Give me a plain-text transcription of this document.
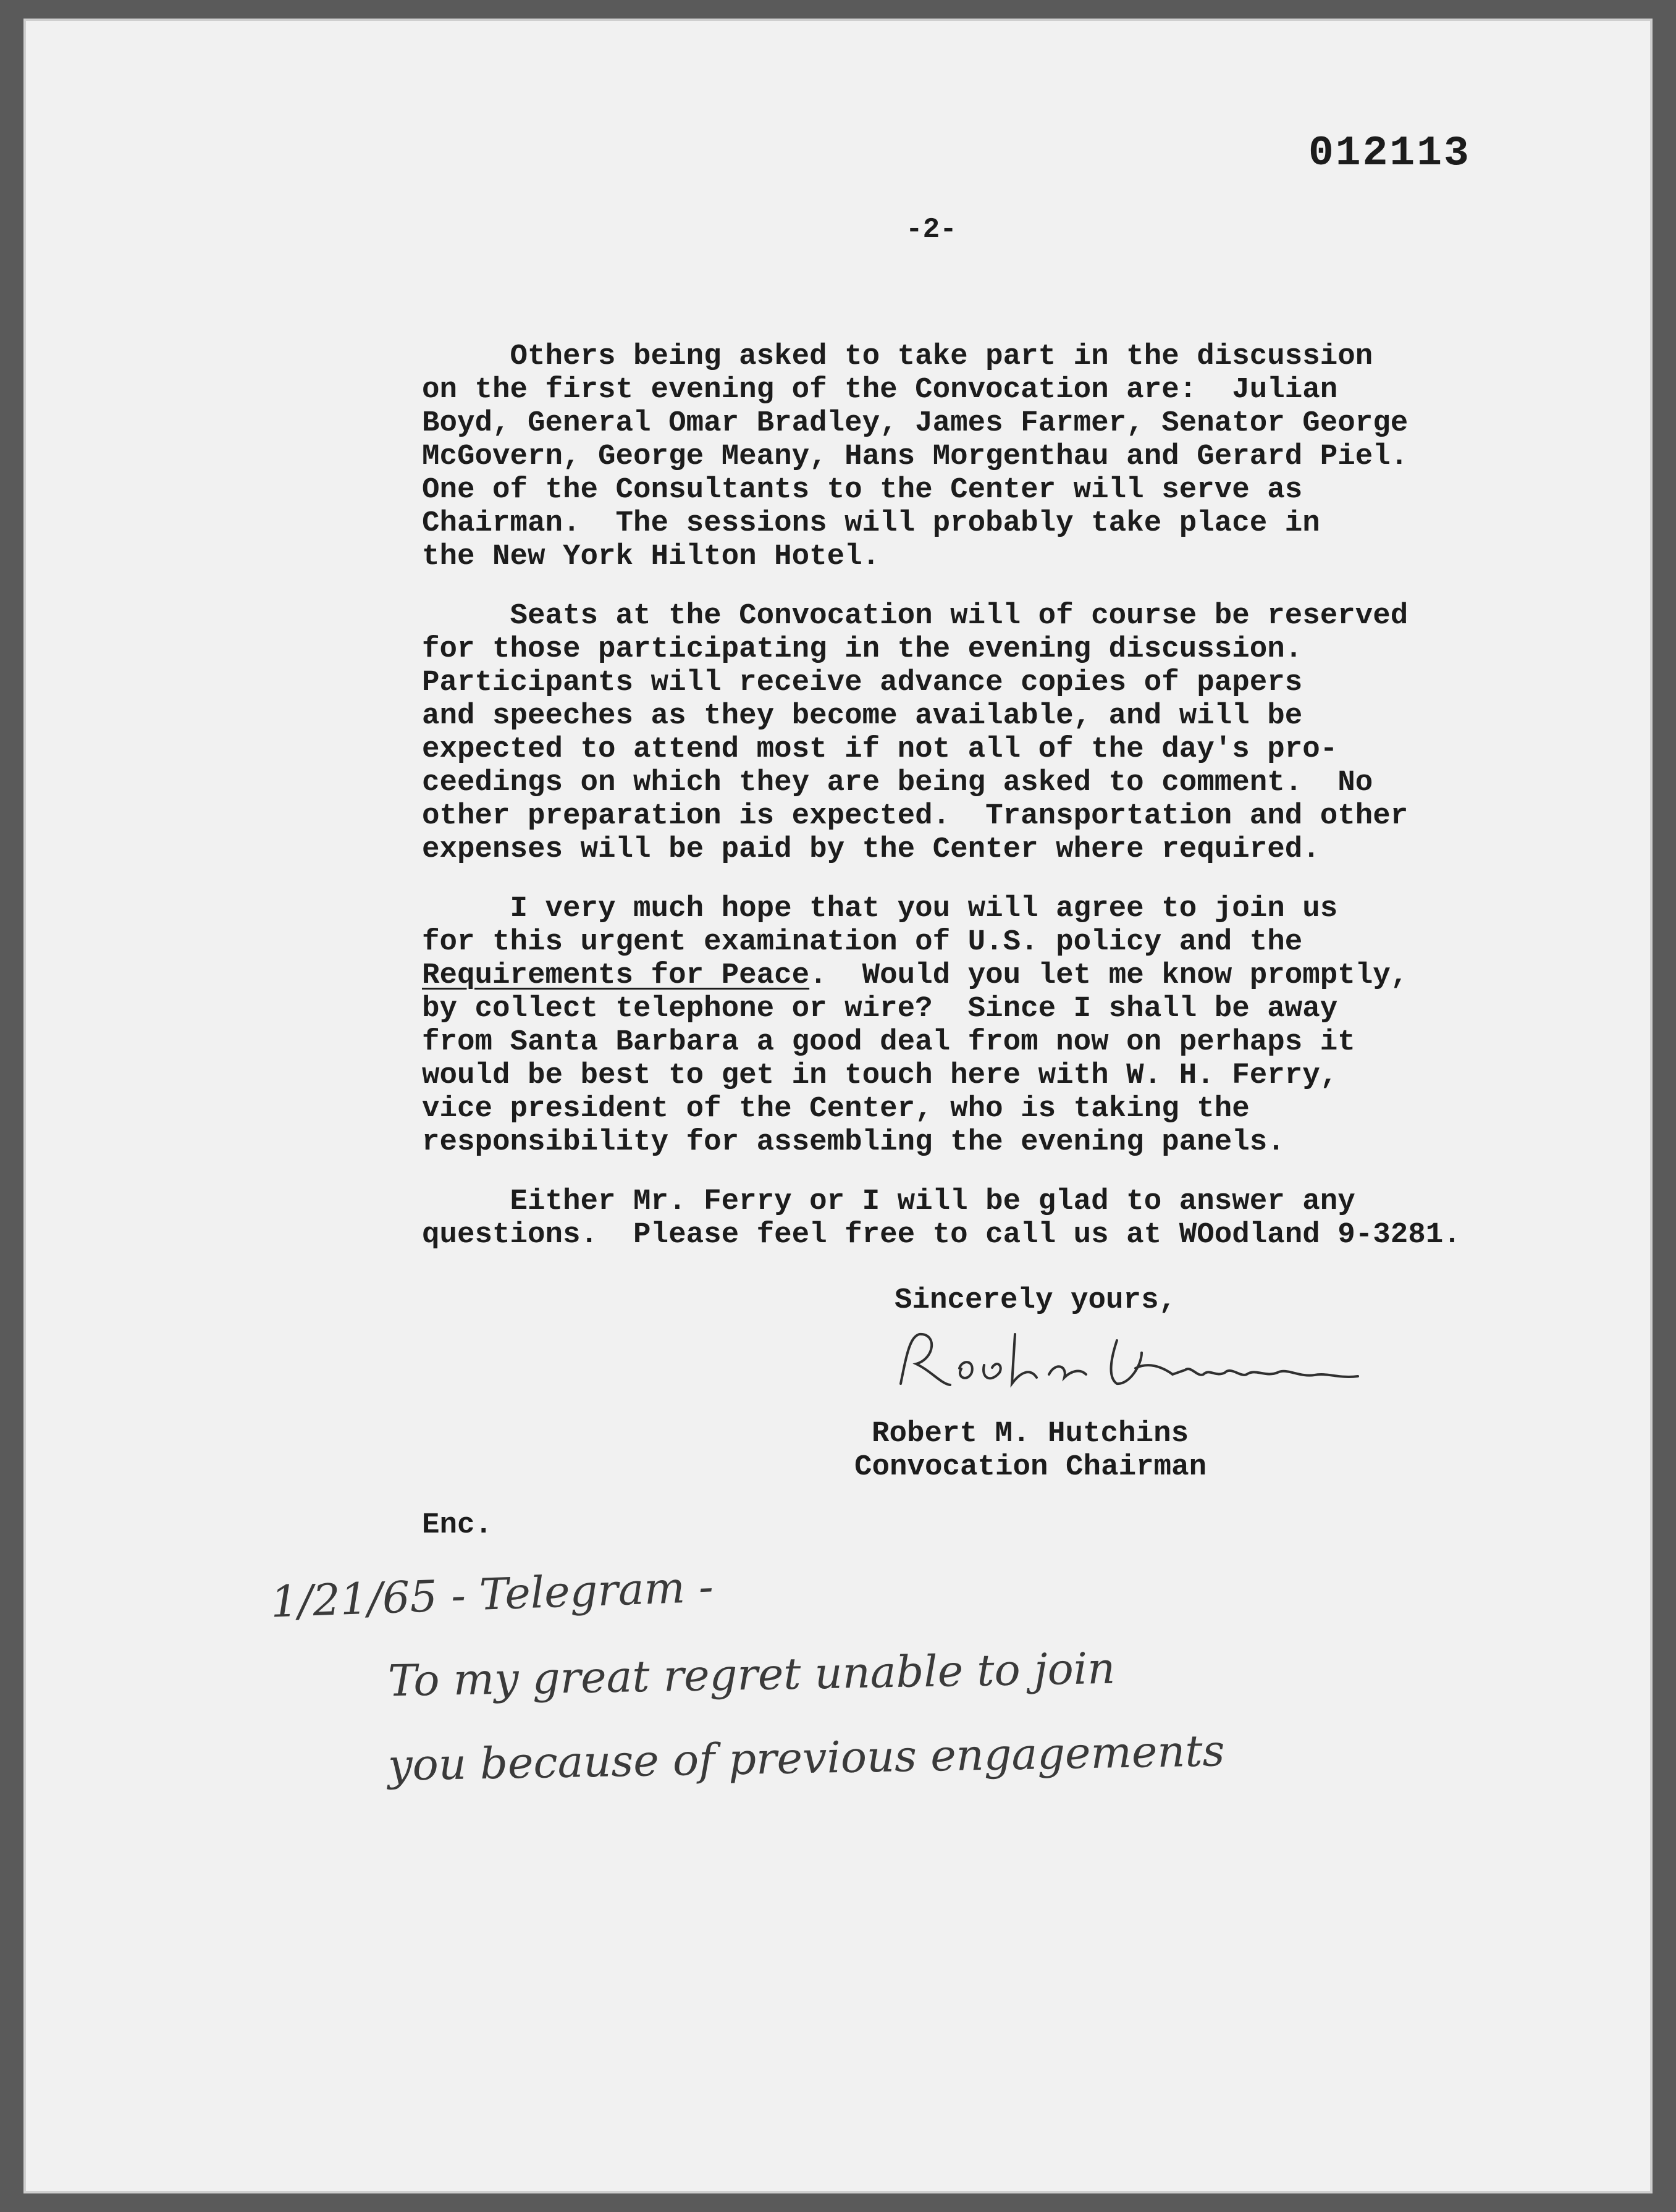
012113
-2-
Others being asked to take part in the discussion
on the first evening of the Convocation are:  Julian
Boyd, General Omar Bradley, James Farmer, Senator George
McGovern, George Meany, Hans Morgenthau and Gerard Piel.
One of the Consultants to the Center will serve as
Chairman.  The sessions will probably take place in
the New York Hilton Hotel.
Seats at the Convocation will of course be reserved
for those participating in the evening discussion.
Participants will receive advance copies of papers
and speeches as they become available, and will be
expected to attend most if not all of the day's pro-
ceedings on which they are being asked to comment.  No
other preparation is expected.  Transportation and other
expenses will be paid by the Center where required.
I very much hope that you will agree to join us
for this urgent examination of U.S. policy and the
Requirements for Peace.  Would you let me know promptly,
by collect telephone or wire?  Since I shall be away
from Santa Barbara a good deal from now on perhaps it
would be best to get in touch here with W. H. Ferry,
vice president of the Center, who is taking the
responsibility for assembling the evening panels.
Either Mr. Ferry or I will be glad to answer any
questions.  Please feel free to call us at WOodland 9-3281.
Sincerely yours,
Robert M. Hutchins
Convocation Chairman
Enc.
1/21/65 - Telegram -
To my great regret unable to join
you because of previous engagements
